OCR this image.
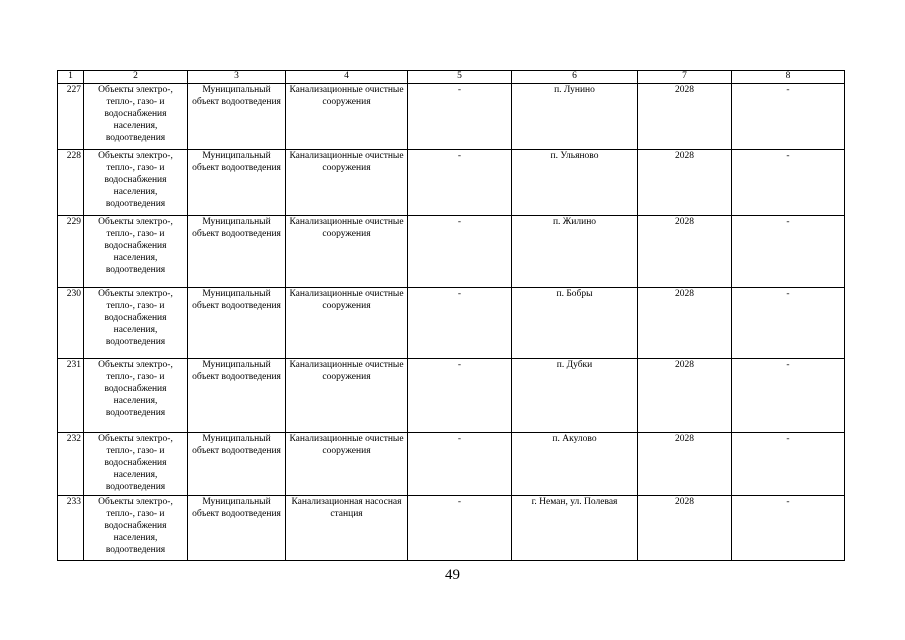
1	2	3	4	5	6	7	8
227	Объекты электро-, тепло-, газо- и водоснабжения населения, водоотведения	Муниципальный объект водоотведения	Канализационные очистные сооружения	-	п. Лунино	2028	-
228	Объекты электро-, тепло-, газо- и водоснабжения населения, водоотведения	Муниципальный объект водоотведения	Канализационные очистные сооружения	-	п. Ульяново	2028	-
229	Объекты электро-, тепло-, газо- и водоснабжения населения, водоотведения	Муниципальный объект водоотведения	Канализационные очистные сооружения	-	п. Жилино	2028	-
230	Объекты электро-, тепло-, газо- и водоснабжения населения, водоотведения	Муниципальный объект водоотведения	Канализационные очистные сооружения	-	п. Бобры	2028	-
231	Объекты электро-, тепло-, газо- и водоснабжения населения, водоотведения	Муниципальный объект водоотведения	Канализационные очистные сооружения	-	п. Дубки	2028	-
232	Объекты электро-, тепло-, газо- и водоснабжения населения, водоотведения	Муниципальный объект водоотведения	Канализационные очистные сооружения	-	п. Акулово	2028	-
233	Объекты электро-, тепло-, газо- и водоснабжения населения, водоотведения	Муниципальный объект водоотведения	Канализационная насосная станция	-	г. Неман, ул. Полевая	2028	-
49
